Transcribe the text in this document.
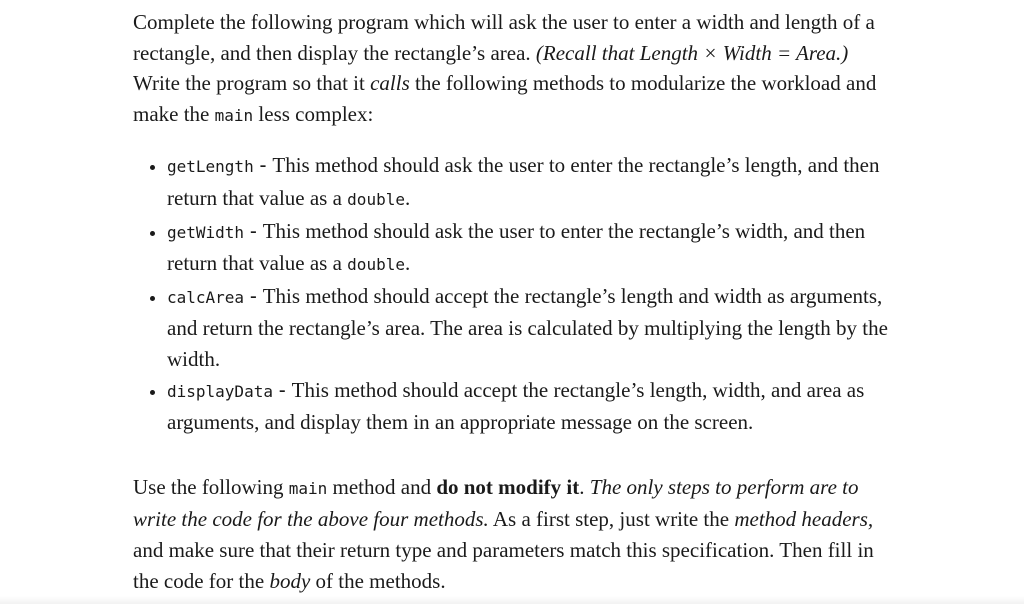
Complete the following program which will ask the user to enter a width and length of a rectangle, and then display the rectangle’s area. (Recall that Length × Width = Area.) Write the program so that it calls the following methods to modularize the workload and make the main less complex:

• getLength - This method should ask the user to enter the rectangle’s length, and then return that value as a double.
• getWidth - This method should ask the user to enter the rectangle’s width, and then return that value as a double.
• calcArea - This method should accept the rectangle’s length and width as arguments, and return the rectangle’s area. The area is calculated by multiplying the length by the width.
• displayData - This method should accept the rectangle’s length, width, and area as arguments, and display them in an appropriate message on the screen.

Use the following main method and do not modify it. The only steps to perform are to write the code for the above four methods. As a first step, just write the method headers, and make sure that their return type and parameters match this specification. Then fill in the code for the body of the methods.
